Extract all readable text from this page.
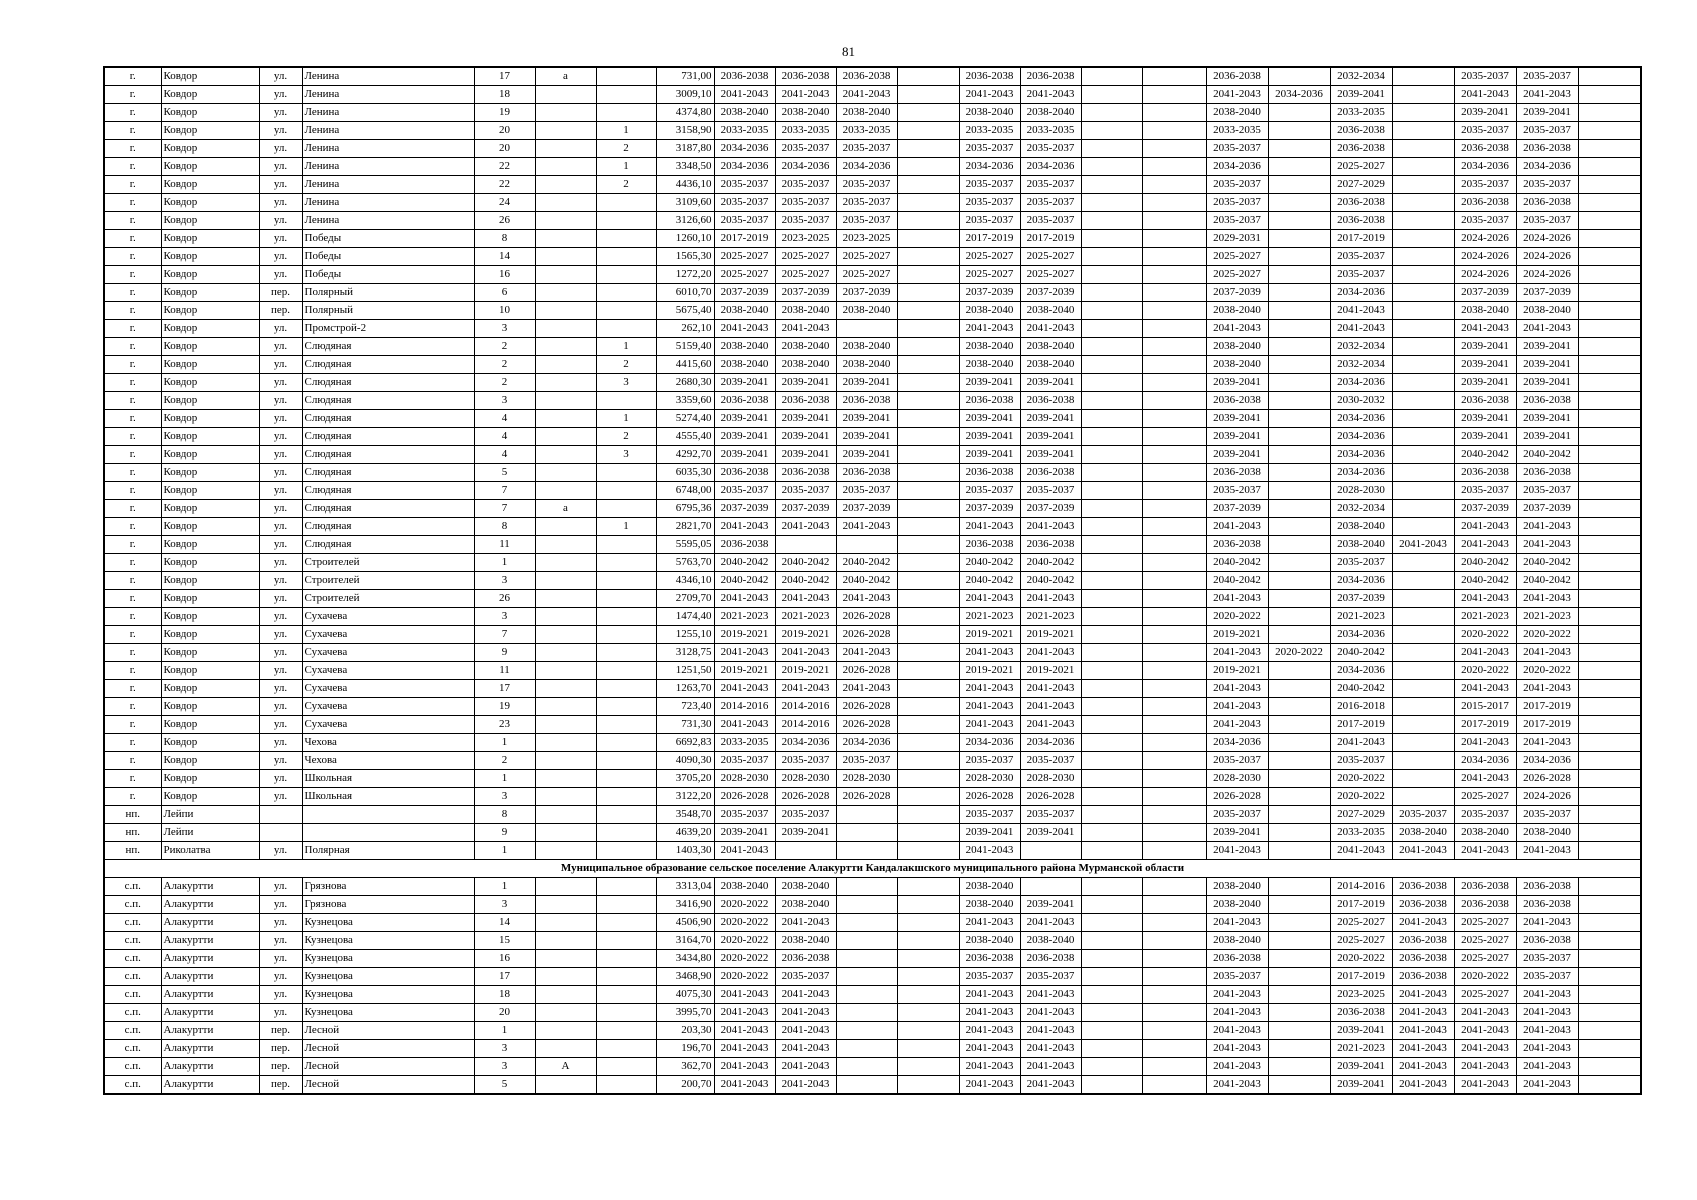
81
г.	Ковдор	ул.	Ленина	17	а		731,00	2036-2038	2036-2038	2036-2038		2036-2038	2036-2038			2036-2038		2032-2034		2035-2037	2035-2037	
г.	Ковдор	ул.	Ленина	18			3009,10	2041-2043	2041-2043	2041-2043		2041-2043	2041-2043			2041-2043	2034-2036	2039-2041		2041-2043	2041-2043	
г.	Ковдор	ул.	Ленина	19			4374,80	2038-2040	2038-2040	2038-2040		2038-2040	2038-2040			2038-2040		2033-2035		2039-2041	2039-2041	
г.	Ковдор	ул.	Ленина	20		1	3158,90	2033-2035	2033-2035	2033-2035		2033-2035	2033-2035			2033-2035		2036-2038		2035-2037	2035-2037	
г.	Ковдор	ул.	Ленина	20		2	3187,80	2034-2036	2035-2037	2035-2037		2035-2037	2035-2037			2035-2037		2036-2038		2036-2038	2036-2038	
г.	Ковдор	ул.	Ленина	22		1	3348,50	2034-2036	2034-2036	2034-2036		2034-2036	2034-2036			2034-2036		2025-2027		2034-2036	2034-2036	
г.	Ковдор	ул.	Ленина	22		2	4436,10	2035-2037	2035-2037	2035-2037		2035-2037	2035-2037			2035-2037		2027-2029		2035-2037	2035-2037	
г.	Ковдор	ул.	Ленина	24			3109,60	2035-2037	2035-2037	2035-2037		2035-2037	2035-2037			2035-2037		2036-2038		2036-2038	2036-2038	
г.	Ковдор	ул.	Ленина	26			3126,60	2035-2037	2035-2037	2035-2037		2035-2037	2035-2037			2035-2037		2036-2038		2035-2037	2035-2037	
г.	Ковдор	ул.	Победы	8			1260,10	2017-2019	2023-2025	2023-2025		2017-2019	2017-2019			2029-2031		2017-2019		2024-2026	2024-2026	
г.	Ковдор	ул.	Победы	14			1565,30	2025-2027	2025-2027	2025-2027		2025-2027	2025-2027			2025-2027		2035-2037		2024-2026	2024-2026	
г.	Ковдор	ул.	Победы	16			1272,20	2025-2027	2025-2027	2025-2027		2025-2027	2025-2027			2025-2027		2035-2037		2024-2026	2024-2026	
г.	Ковдор	пер.	Полярный	6			6010,70	2037-2039	2037-2039	2037-2039		2037-2039	2037-2039			2037-2039		2034-2036		2037-2039	2037-2039	
г.	Ковдор	пер.	Полярный	10			5675,40	2038-2040	2038-2040	2038-2040		2038-2040	2038-2040			2038-2040		2041-2043		2038-2040	2038-2040	
г.	Ковдор	ул.	Промстрой-2	3			262,10	2041-2043	2041-2043			2041-2043	2041-2043			2041-2043		2041-2043		2041-2043	2041-2043	
г.	Ковдор	ул.	Слюдяная	2		1	5159,40	2038-2040	2038-2040	2038-2040		2038-2040	2038-2040			2038-2040		2032-2034		2039-2041	2039-2041	
г.	Ковдор	ул.	Слюдяная	2		2	4415,60	2038-2040	2038-2040	2038-2040		2038-2040	2038-2040			2038-2040		2032-2034		2039-2041	2039-2041	
г.	Ковдор	ул.	Слюдяная	2		3	2680,30	2039-2041	2039-2041	2039-2041		2039-2041	2039-2041			2039-2041		2034-2036		2039-2041	2039-2041	
г.	Ковдор	ул.	Слюдяная	3			3359,60	2036-2038	2036-2038	2036-2038		2036-2038	2036-2038			2036-2038		2030-2032		2036-2038	2036-2038	
г.	Ковдор	ул.	Слюдяная	4		1	5274,40	2039-2041	2039-2041	2039-2041		2039-2041	2039-2041			2039-2041		2034-2036		2039-2041	2039-2041	
г.	Ковдор	ул.	Слюдяная	4		2	4555,40	2039-2041	2039-2041	2039-2041		2039-2041	2039-2041			2039-2041		2034-2036		2039-2041	2039-2041	
г.	Ковдор	ул.	Слюдяная	4		3	4292,70	2039-2041	2039-2041	2039-2041		2039-2041	2039-2041			2039-2041		2034-2036		2040-2042	2040-2042	
г.	Ковдор	ул.	Слюдяная	5			6035,30	2036-2038	2036-2038	2036-2038		2036-2038	2036-2038			2036-2038		2034-2036		2036-2038	2036-2038	
г.	Ковдор	ул.	Слюдяная	7			6748,00	2035-2037	2035-2037	2035-2037		2035-2037	2035-2037			2035-2037		2028-2030		2035-2037	2035-2037	
г.	Ковдор	ул.	Слюдяная	7	а		6795,36	2037-2039	2037-2039	2037-2039		2037-2039	2037-2039			2037-2039		2032-2034		2037-2039	2037-2039	
г.	Ковдор	ул.	Слюдяная	8		1	2821,70	2041-2043	2041-2043	2041-2043		2041-2043	2041-2043			2041-2043		2038-2040		2041-2043	2041-2043	
г.	Ковдор	ул.	Слюдяная	11			5595,05	2036-2038				2036-2038	2036-2038			2036-2038		2038-2040	2041-2043	2041-2043	2041-2043	
г.	Ковдор	ул.	Строителей	1			5763,70	2040-2042	2040-2042	2040-2042		2040-2042	2040-2042			2040-2042		2035-2037		2040-2042	2040-2042	
г.	Ковдор	ул.	Строителей	3			4346,10	2040-2042	2040-2042	2040-2042		2040-2042	2040-2042			2040-2042		2034-2036		2040-2042	2040-2042	
г.	Ковдор	ул.	Строителей	26			2709,70	2041-2043	2041-2043	2041-2043		2041-2043	2041-2043			2041-2043		2037-2039		2041-2043	2041-2043	
г.	Ковдор	ул.	Сухачева	3			1474,40	2021-2023	2021-2023	2026-2028		2021-2023	2021-2023			2020-2022		2021-2023		2021-2023	2021-2023	
г.	Ковдор	ул.	Сухачева	7			1255,10	2019-2021	2019-2021	2026-2028		2019-2021	2019-2021			2019-2021		2034-2036		2020-2022	2020-2022	
г.	Ковдор	ул.	Сухачева	9			3128,75	2041-2043	2041-2043	2041-2043		2041-2043	2041-2043			2041-2043	2020-2022	2040-2042		2041-2043	2041-2043	
г.	Ковдор	ул.	Сухачева	11			1251,50	2019-2021	2019-2021	2026-2028		2019-2021	2019-2021			2019-2021		2034-2036		2020-2022	2020-2022	
г.	Ковдор	ул.	Сухачева	17			1263,70	2041-2043	2041-2043	2041-2043		2041-2043	2041-2043			2041-2043		2040-2042		2041-2043	2041-2043	
г.	Ковдор	ул.	Сухачева	19			723,40	2014-2016	2014-2016	2026-2028		2041-2043	2041-2043			2041-2043		2016-2018		2015-2017	2017-2019	
г.	Ковдор	ул.	Сухачева	23			731,30	2041-2043	2014-2016	2026-2028		2041-2043	2041-2043			2041-2043		2017-2019		2017-2019	2017-2019	
г.	Ковдор	ул.	Чехова	1			6692,83	2033-2035	2034-2036	2034-2036		2034-2036	2034-2036			2034-2036		2041-2043		2041-2043	2041-2043	
г.	Ковдор	ул.	Чехова	2			4090,30	2035-2037	2035-2037	2035-2037		2035-2037	2035-2037			2035-2037		2035-2037		2034-2036	2034-2036	
г.	Ковдор	ул.	Школьная	1			3705,20	2028-2030	2028-2030	2028-2030		2028-2030	2028-2030			2028-2030		2020-2022		2041-2043	2026-2028	
г.	Ковдор	ул.	Школьная	3			3122,20	2026-2028	2026-2028	2026-2028		2026-2028	2026-2028			2026-2028		2020-2022		2025-2027	2024-2026	
нп.	Лейпи			8			3548,70	2035-2037	2035-2037			2035-2037	2035-2037			2035-2037		2027-2029	2035-2037	2035-2037	2035-2037	
нп.	Лейпи			9			4639,20	2039-2041	2039-2041			2039-2041	2039-2041			2039-2041		2033-2035	2038-2040	2038-2040	2038-2040	
нп.	Риколатва	ул.	Полярная	1			1403,30	2041-2043				2041-2043				2041-2043		2041-2043	2041-2043	2041-2043	2041-2043	
Муниципальное образование сельское поселение Алакуртти Кандалакшского муниципального района Мурманской области																						
с.п.	Алакуртти	ул.	Грязнова	1			3313,04	2038-2040	2038-2040			2038-2040				2038-2040		2014-2016	2036-2038	2036-2038	2036-2038	
с.п.	Алакуртти	ул.	Грязнова	3			3416,90	2020-2022	2038-2040			2038-2040	2039-2041			2038-2040		2017-2019	2036-2038	2036-2038	2036-2038	
с.п.	Алакуртти	ул.	Кузнецова	14			4506,90	2020-2022	2041-2043			2041-2043	2041-2043			2041-2043		2025-2027	2041-2043	2025-2027	2041-2043	
с.п.	Алакуртти	ул.	Кузнецова	15			3164,70	2020-2022	2038-2040			2038-2040	2038-2040			2038-2040		2025-2027	2036-2038	2025-2027	2036-2038	
с.п.	Алакуртти	ул.	Кузнецова	16			3434,80	2020-2022	2036-2038			2036-2038	2036-2038			2036-2038		2020-2022	2036-2038	2025-2027	2035-2037	
с.п.	Алакуртти	ул.	Кузнецова	17			3468,90	2020-2022	2035-2037			2035-2037	2035-2037			2035-2037		2017-2019	2036-2038	2020-2022	2035-2037	
с.п.	Алакуртти	ул.	Кузнецова	18			4075,30	2041-2043	2041-2043			2041-2043	2041-2043			2041-2043		2023-2025	2041-2043	2025-2027	2041-2043	
с.п.	Алакуртти	ул.	Кузнецова	20			3995,70	2041-2043	2041-2043			2041-2043	2041-2043			2041-2043		2036-2038	2041-2043	2041-2043	2041-2043	
с.п.	Алакуртти	пер.	Лесной	1			203,30	2041-2043	2041-2043			2041-2043	2041-2043			2041-2043		2039-2041	2041-2043	2041-2043	2041-2043	
с.п.	Алакуртти	пер.	Лесной	3			196,70	2041-2043	2041-2043			2041-2043	2041-2043			2041-2043		2021-2023	2041-2043	2041-2043	2041-2043	
с.п.	Алакуртти	пер.	Лесной	3	А		362,70	2041-2043	2041-2043			2041-2043	2041-2043			2041-2043		2039-2041	2041-2043	2041-2043	2041-2043	
с.п.	Алакуртти	пер.	Лесной	5			200,70	2041-2043	2041-2043			2041-2043	2041-2043			2041-2043		2039-2041	2041-2043	2041-2043	2041-2043	
